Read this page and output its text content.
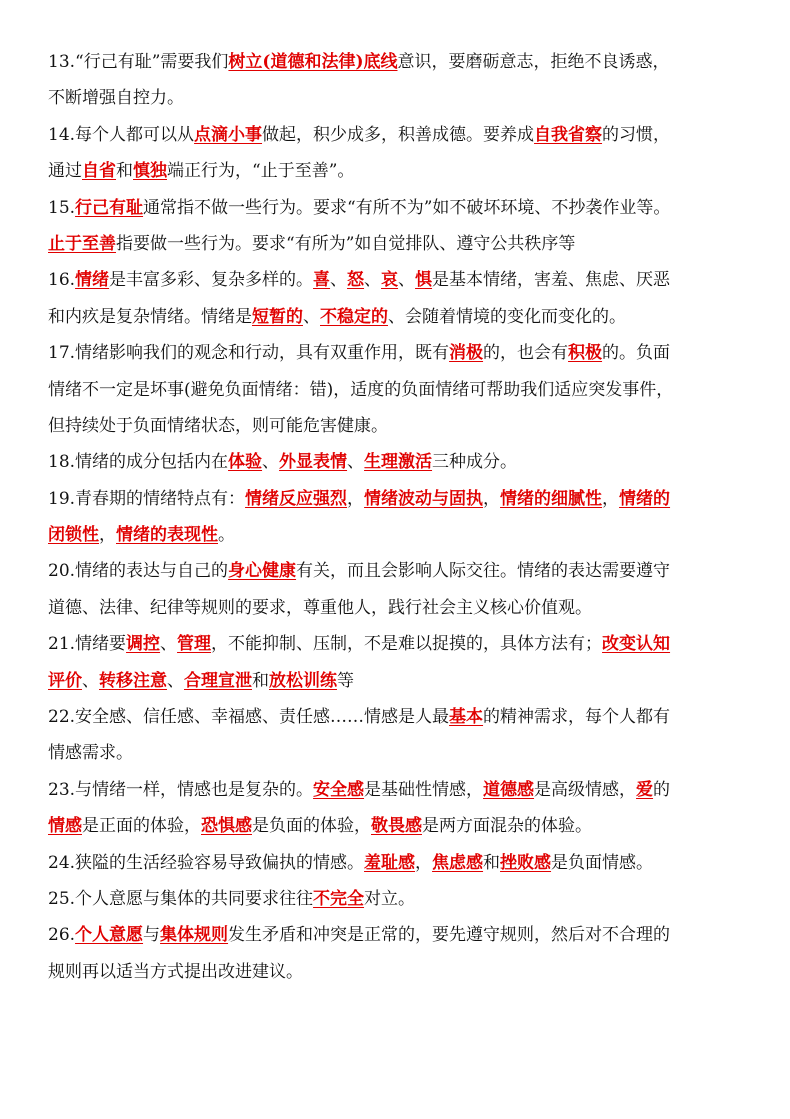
13.“行己有耻”需要我们树立(道德和法律)底线意识，要磨砺意志，拒绝不良诱惑，
不断增强自控力。
14.每个人都可以从点滴小事做起，积少成多，积善成德。要养成自我省察的习惯，
通过自省和慎独端正行为，“止于至善”。
15.行己有耻通常指不做一些行为。要求“有所不为”如不破坏环境、不抄袭作业等。
止于至善指要做一些行为。要求“有所为”如自觉排队、遵守公共秩序等
16.情绪是丰富多彩、复杂多样的。喜、怒、哀、惧是基本情绪，害羞、焦虑、厌恶
和内疚是复杂情绪。情绪是短暂的、不稳定的、会随着情境的变化而变化的。
17.情绪影响我们的观念和行动，具有双重作用，既有消极的，也会有积极的。负面
情绪不一定是坏事(避免负面情绪：错)，适度的负面情绪可帮助我们适应突发事件，
但持续处于负面情绪状态，则可能危害健康。
18.情绪的成分包括内在体验、外显表情、生理激活三种成分。
19.青春期的情绪特点有：情绪反应强烈，情绪波动与固执，情绪的细腻性，情绪的
闭锁性，情绪的表现性。
20.情绪的表达与自己的身心健康有关，而且会影响人际交往。情绪的表达需要遵守
道德、法律、纪律等规则的要求，尊重他人，践行社会主义核心价值观。
21.情绪要调控、管理，不能抑制、压制，不是难以捉摸的，具体方法有；改变认知
评价、转移注意、合理宣泄和放松训练等
22.安全感、信任感、幸福感、责任感……情感是人最基本的精神需求，每个人都有
情感需求。
23.与情绪一样，情感也是复杂的。安全感是基础性情感，道德感是高级情感，爱的
情感是正面的体验，恐惧感是负面的体验，敬畏感是两方面混杂的体验。
24.狭隘的生活经验容易导致偏执的情感。羞耻感，焦虑感和挫败感是负面情感。
25.个人意愿与集体的共同要求往往不完全对立。
26.个人意愿与集体规则发生矛盾和冲突是正常的，要先遵守规则，然后对不合理的
规则再以适当方式提出改进建议。
